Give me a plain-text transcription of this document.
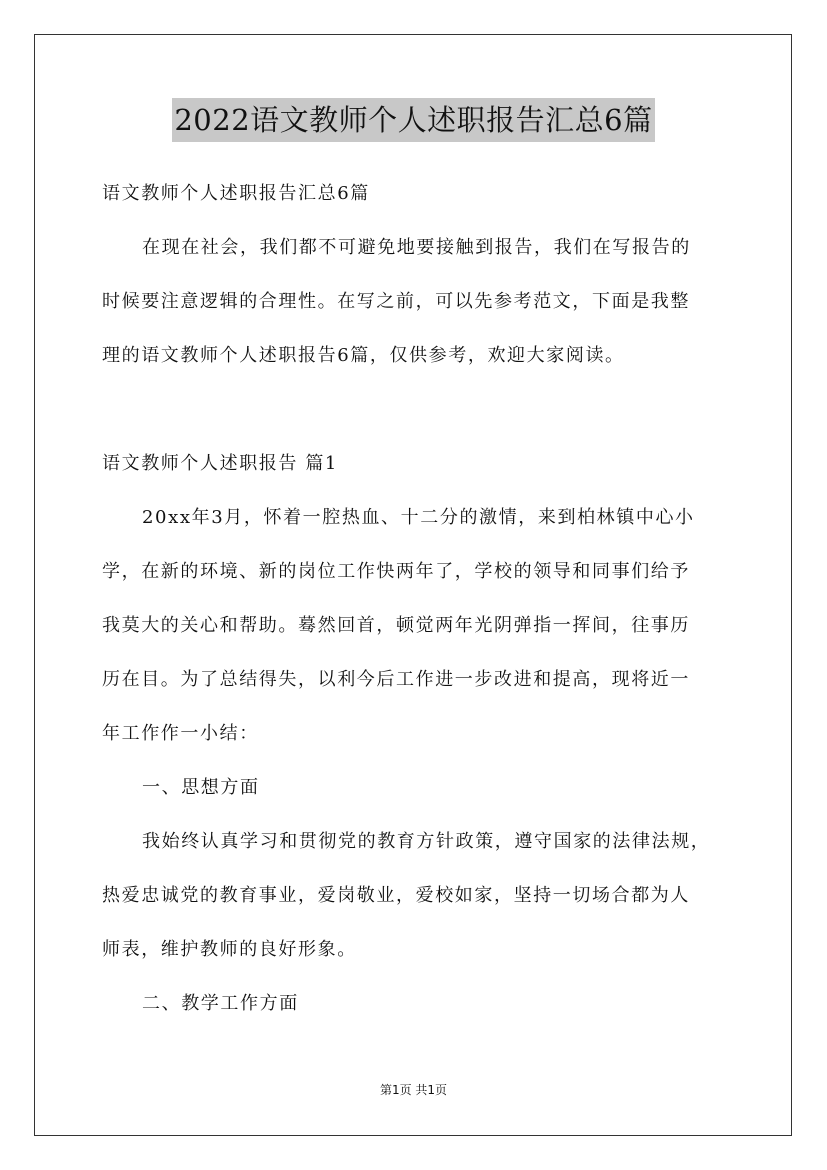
2022语文教师个人述职报告汇总6篇
语文教师个人述职报告汇总6篇
在现在社会，我们都不可避免地要接触到报告，我们在写报告的
时候要注意逻辑的合理性。在写之前，可以先参考范文，下面是我整
理的语文教师个人述职报告6篇，仅供参考，欢迎大家阅读。
语文教师个人述职报告 篇1
20xx年3月，怀着一腔热血、十二分的激情，来到柏林镇中心小
学，在新的环境、新的岗位工作快两年了，学校的领导和同事们给予
我莫大的关心和帮助。蓦然回首，顿觉两年光阴弹指一挥间，往事历
历在目。为了总结得失，以利今后工作进一步改进和提高，现将近一
年工作作一小结：
一、思想方面
我始终认真学习和贯彻党的教育方针政策，遵守国家的法律法规，
热爱忠诚党的教育事业，爱岗敬业，爱校如家，坚持一切场合都为人
师表，维护教师的良好形象。
二、教学工作方面
第1页 共1页
